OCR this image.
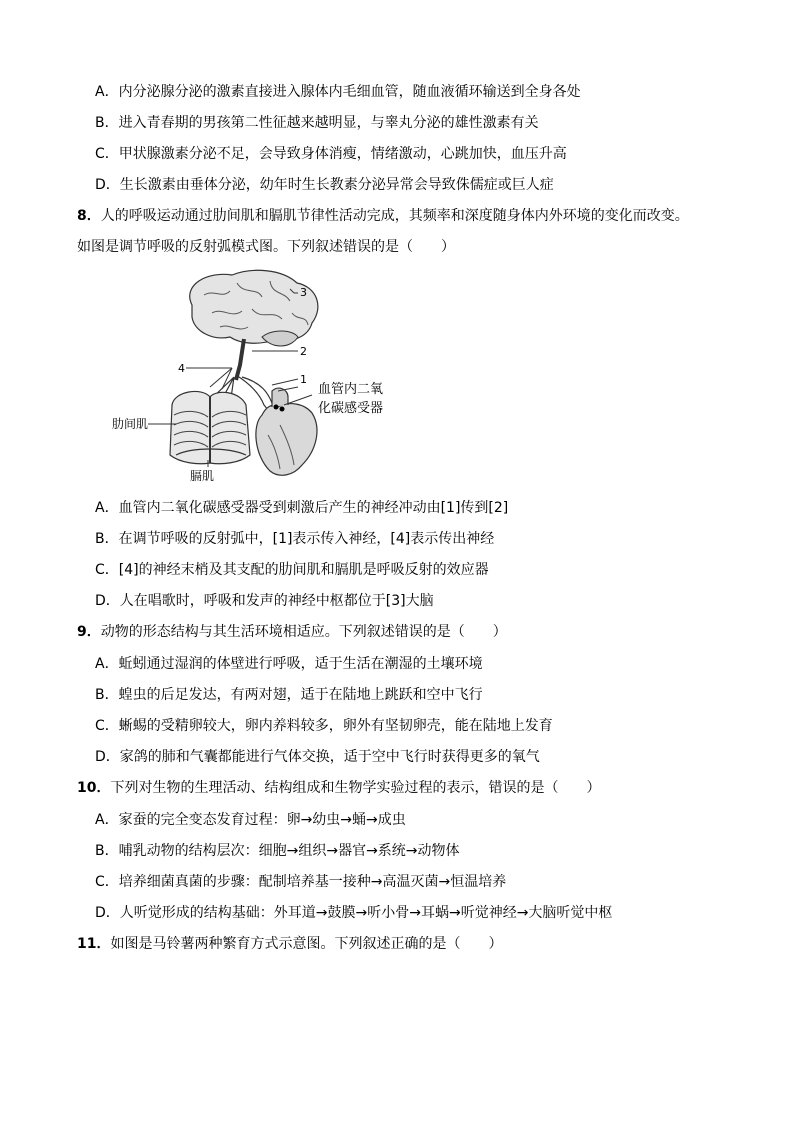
A．内分泌腺分泌的激素直接进入腺体内毛细血管，随血液循环输送到全身各处
B．进入青春期的男孩第二性征越来越明显，与睾丸分泌的雄性激素有关
C．甲状腺激素分泌不足，会导致身体消瘦，情绪激动，心跳加快，血压升高
D．生长激素由垂体分泌，幼年时生长教素分泌异常会导致侏儒症或巨人症
8．人的呼吸运动通过肋间肌和膈肌节律性活动完成，其频率和深度随身体内外环境的变化而改变。
如图是调节呼吸的反射弧模式图。下列叙述错误的是（　　）
3
2
1
4
血管内二氧
化碳感受器
肋间肌
膈肌
A．血管内二氧化碳感受器受到刺激后产生的神经冲动由[1]传到[2]
B．在调节呼吸的反射弧中，[1]表示传入神经，[4]表示传出神经
C．[4]的神经末梢及其支配的肋间肌和膈肌是呼吸反射的效应器
D．人在唱歌时，呼吸和发声的神经中枢都位于[3]大脑
9．动物的形态结构与其生活环境相适应。下列叙述错误的是（　　）
A．蚯蚓通过湿润的体壁进行呼吸，适于生活在潮湿的土壤环境
B．蝗虫的后足发达，有两对翅，适于在陆地上跳跃和空中飞行
C．蜥蜴的受精卵较大，卵内养料较多，卵外有坚韧卵壳，能在陆地上发育
D．家鸽的肺和气囊都能进行气体交换，适于空中飞行时获得更多的氧气
10．下列对生物的生理活动、结构组成和生物学实验过程的表示，错误的是（　　）
A．家蚕的完全变态发育过程：卵→幼虫→蛹→成虫
B．哺乳动物的结构层次：细胞→组织→器官→系统→动物体
C．培养细菌真菌的步骤：配制培养基一接种→高温灭菌→恒温培养
D．人听觉形成的结构基础：外耳道→鼓膜→听小骨→耳蜗→听觉神经→大脑听觉中枢
11．如图是马铃薯两种繁育方式示意图。下列叙述正确的是（　　）
